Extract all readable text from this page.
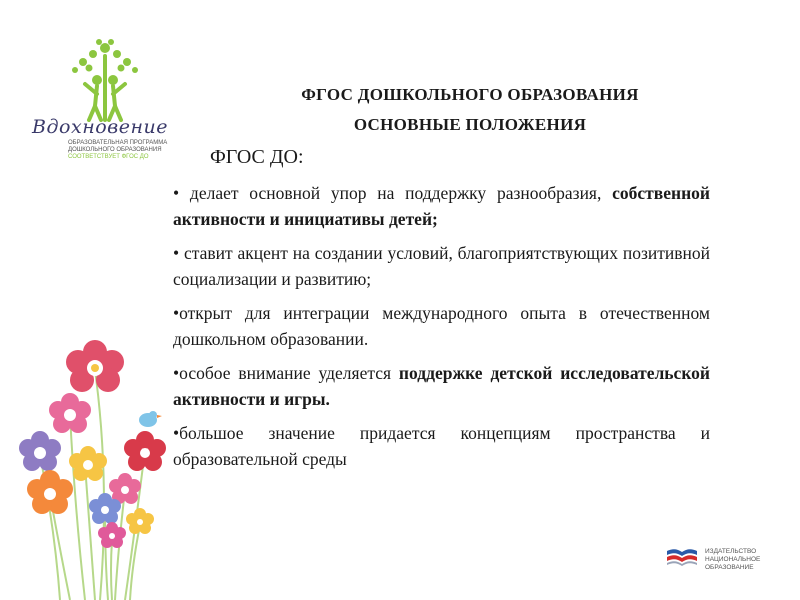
Вдохновение
ОБРАЗОВАТЕЛЬНАЯ ПРОГРАММА
ДОШКОЛЬНОГО ОБРАЗОВАНИЯ
СООТВЕТСТВУЕТ ФГОС ДО
ФГОС ДОШКОЛЬНОГО ОБРАЗОВАНИЯ
ОСНОВНЫЕ ПОЛОЖЕНИЯ
ФГОС ДО:
• делает основной упор на поддержку разнообразия, собственной активности и инициативы детей;
• ставит акцент на создании условий, благоприятствующих позитивной социализации и развитию;
•открыт для интеграции международного опыта в отечественном дошкольном образовании.
•особое внимание уделяется поддержке детской исследовательской активности и игры.
•большое значение придается концепциям пространства и образовательной среды
ИЗДАТЕЛЬСТВО
НАЦИОНАЛЬНОЕ
ОБРАЗОВАНИЕ
